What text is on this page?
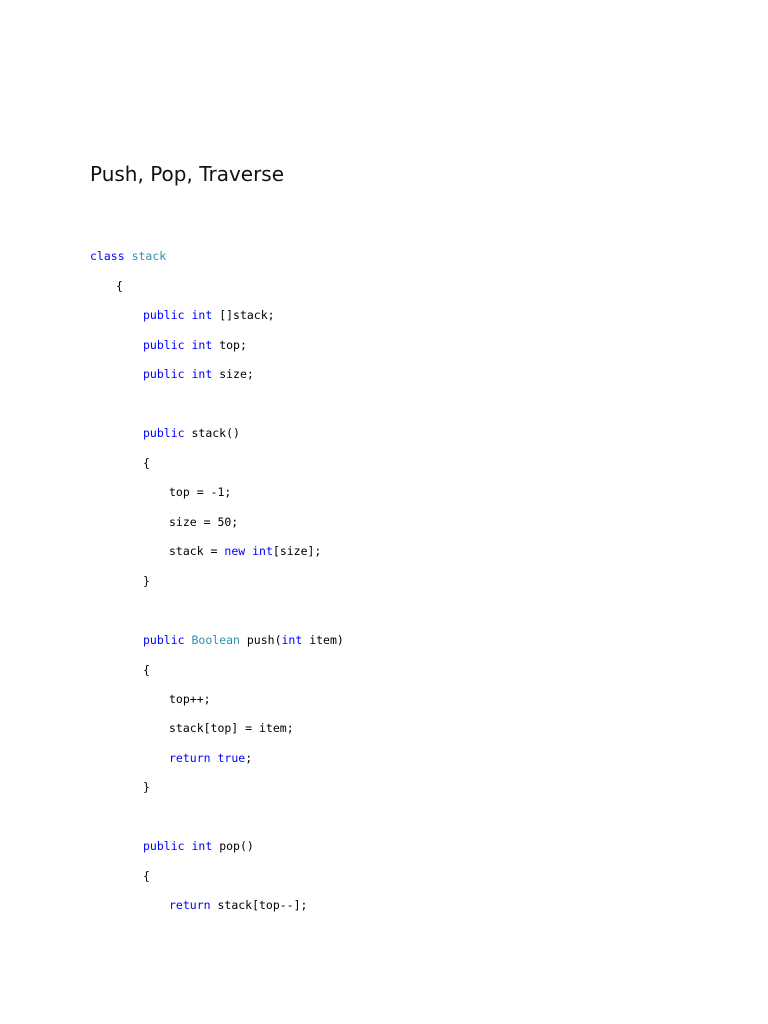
Push, Pop, Traverse
class stack
{
public int []stack;
public int top;
public int size;
public stack()
{
top = -1;
size = 50;
stack = new int[size];
}
public Boolean push(int item)
{
top++;
stack[top] = item;
return true;
}
public int pop()
{
return stack[top--];
